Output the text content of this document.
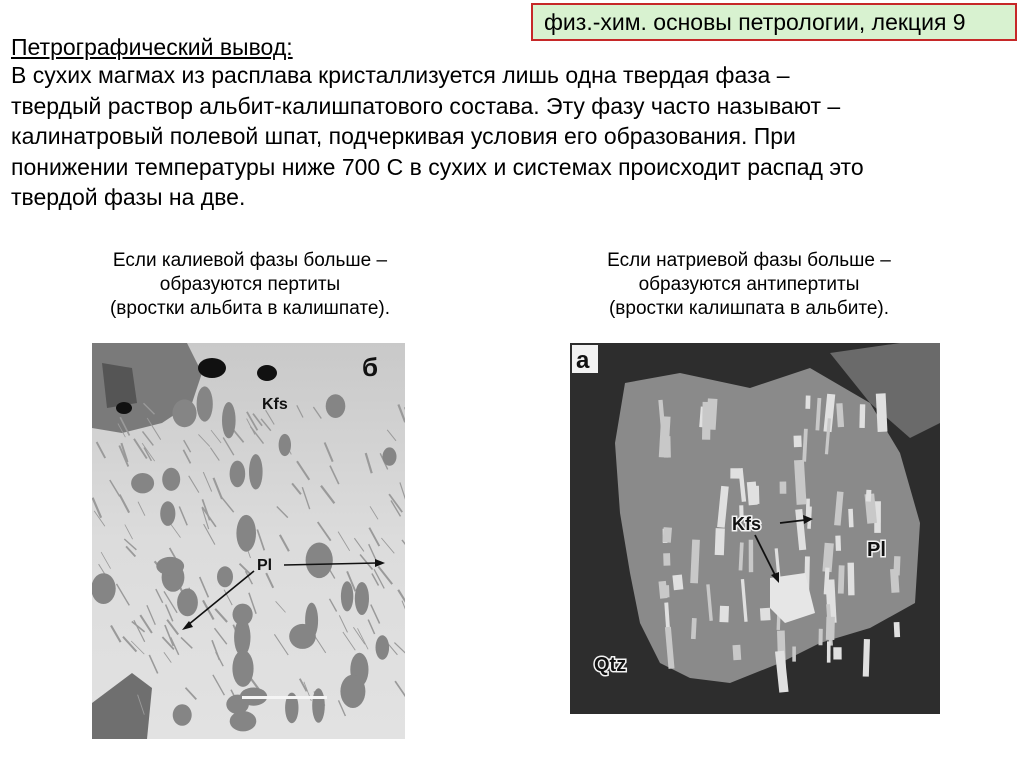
физ.-хим. основы петрологии, лекция 9
Петрографический вывод:
В сухих магмах из расплава кристаллизуется лишь одна твердая фаза –
твердый раствор альбит-калишпатового состава. Эту фазу часто называют –
калинатровый полевой шпат, подчеркивая условия его образования. При
понижении температуры ниже 700 С в сухих и системах происходит распад это
твердой фазы на две.
Если калиевой фазы больше –
образуются пертиты
(вростки альбита в калишпате).
Если натриевой фазы больше –
образуются антипертиты
(вростки калишпата в альбите).
б
Kfs
Pl
а
Kfs
Pl
Qtz
